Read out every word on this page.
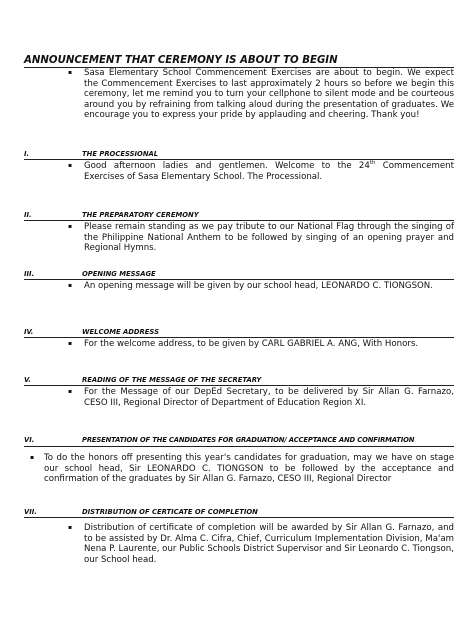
ANNOUNCEMENT THAT CEREMONY IS ABOUT TO BEGIN
▪	Sasa Elementary School Commencement Exercises are about to begin. We expect the Commencement Exercises to last approximately 2 hours so before we begin this ceremony, let me remind you to turn your cellphone to silent mode and be courteous around you by refraining from talking aloud during the presentation of graduates. We encourage you to express your pride by applauding and cheering. Thank you!

I.	THE PROCESSIONAL
▪	Good afternoon ladies and gentlemen. Welcome to the 24th Commencement Exercises of Sasa Elementary School. The Processional.

II.	THE PREPARATORY CEREMONY
▪	Please remain standing as we pay tribute to our National Flag through the singing of the Philippine National Anthem to be followed by singing of an opening prayer and Regional Hymns.

III.	OPENING MESSAGE
▪	An opening message will be given by our school head, LEONARDO C. TIONGSON.

IV.	WELCOME ADDRESS
▪	For the welcome address, to be given by CARL GABRIEL A. ANG, With Honors.

V.	READING OF THE MESSAGE OF THE SECRETARY
▪	For the Message of our DepEd Secretary, to be delivered by Sir Allan G. Farnazo, CESO III, Regional Director of Department of Education Region XI.

VI.	PRESENTATION OF THE CANDIDATES FOR GRADUATION/ ACCEPTANCE AND CONFIRMATION
▪	To do the honors off presenting this year's candidates for graduation, may we have on stage our school head, Sir LEONARDO C. TIONGSON to be followed by the acceptance and confirmation of the graduates by Sir Allan G. Farnazo, CESO III, Regional Director

VII.	DISTRIBUTION OF CERTICATE OF COMPLETION
▪	Distribution of certificate of completion will be awarded by Sir Allan G. Farnazo, and to be assisted by Dr. Alma C. Cifra, Chief, Curriculum Implementation Division, Ma'am Nena P. Laurente, our Public Schools District Supervisor and Sir Leonardo C. Tiongson, our School head.
